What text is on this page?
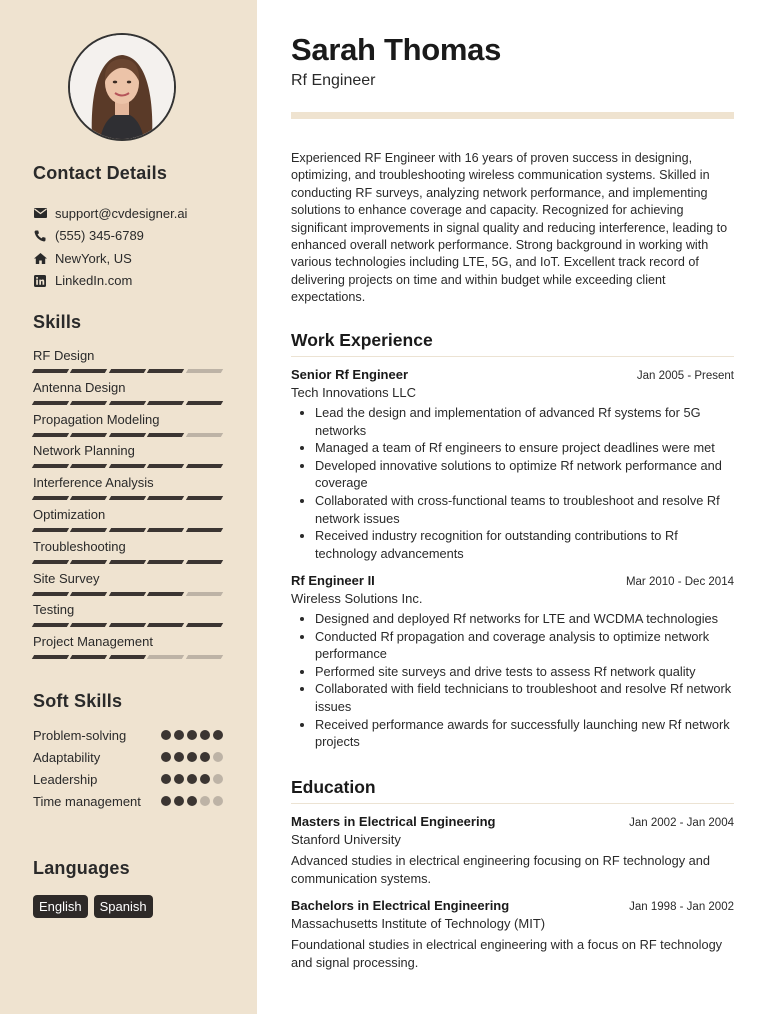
Contact Details
support@cvdesigner.ai
(555) 345-6789
NewYork, US
LinkedIn.com
Skills
RF Design
Antenna Design
Propagation Modeling
Network Planning
Interference Analysis
Optimization
Troubleshooting
Site Survey
Testing
Project Management
Soft Skills
Problem-solving
Adaptability
Leadership
Time management
Languages
English	Spanish
Sarah Thomas
Rf Engineer
Experienced RF Engineer with 16 years of proven success in designing, optimizing, and troubleshooting wireless communication systems. Skilled in conducting RF surveys, analyzing network performance, and implementing solutions to enhance coverage and capacity. Recognized for achieving significant improvements in signal quality and reducing interference, leading to enhanced overall network performance. Strong background in working with various technologies including LTE, 5G, and IoT. Excellent track record of delivering projects on time and within budget while exceeding client expectations.
Work Experience
Senior Rf Engineer	Jan 2005 - Present
Tech Innovations LLC
• Lead the design and implementation of advanced Rf systems for 5G networks
• Managed a team of Rf engineers to ensure project deadlines were met
• Developed innovative solutions to optimize Rf network performance and coverage
• Collaborated with cross-functional teams to troubleshoot and resolve Rf network issues
• Received industry recognition for outstanding contributions to Rf technology advancements
Rf Engineer II	Mar 2010 - Dec 2014
Wireless Solutions Inc.
• Designed and deployed Rf networks for LTE and WCDMA technologies
• Conducted Rf propagation and coverage analysis to optimize network performance
• Performed site surveys and drive tests to assess Rf network quality
• Collaborated with field technicians to troubleshoot and resolve Rf network issues
• Received performance awards for successfully launching new Rf network projects
Education
Masters in Electrical Engineering	Jan 2002 - Jan 2004
Stanford University

Advanced studies in electrical engineering focusing on RF technology and communication systems.

Bachelors in Electrical Engineering	Jan 1998 - Jan 2002
Massachusetts Institute of Technology (MIT)

Foundational studies in electrical engineering with a focus on RF technology and signal processing.
